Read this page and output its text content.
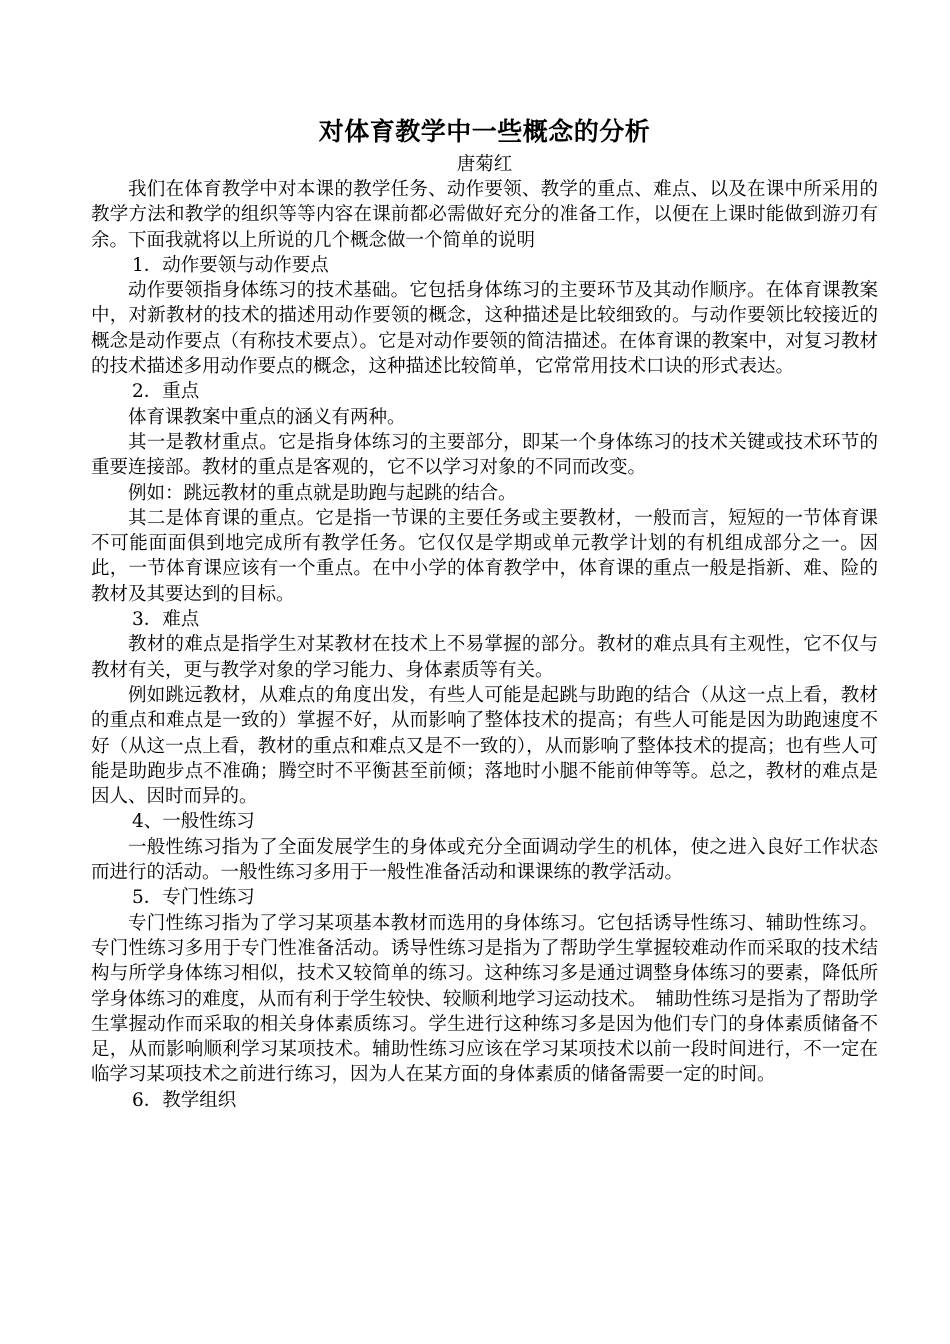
对体育教学中一些概念的分析

唐菊红

我们在体育教学中对本课的教学任务、动作要领、教学的重点、难点、以及在课中所采用的教学方法和教学的组织等等内容在课前都必需做好充分的准备工作，以便在上课时能做到游刃有余。下面我就将以上所说的几个概念做一个简单的说明

1．动作要领与动作要点

动作要领指身体练习的技术基础。它包括身体练习的主要环节及其动作顺序。在体育课教案中，对新教材的技术的描述用动作要领的概念，这种描述是比较细致的。与动作要领比较接近的概念是动作要点（有称技术要点）。它是对动作要领的简洁描述。在体育课的教案中，对复习教材的技术描述多用动作要点的概念，这种描述比较简单，它常常用技术口诀的形式表达。

2．重点

体育课教案中重点的涵义有两种。

其一是教材重点。它是指身体练习的主要部分，即某一个身体练习的技术关键或技术环节的重要连接部。教材的重点是客观的，它不以学习对象的不同而改变。

例如：跳远教材的重点就是助跑与起跳的结合。

其二是体育课的重点。它是指一节课的主要任务或主要教材，一般而言，短短的一节体育课不可能面面俱到地完成所有教学任务。它仅仅是学期或单元教学计划的有机组成部分之一。因此，一节体育课应该有一个重点。在中小学的体育教学中，体育课的重点一般是指新、难、险的教材及其要达到的目标。

3．难点

教材的难点是指学生对某教材在技术上不易掌握的部分。教材的难点具有主观性，它不仅与教材有关，更与教学对象的学习能力、身体素质等有关。

例如跳远教材，从难点的角度出发，有些人可能是起跳与助跑的结合（从这一点上看，教材的重点和难点是一致的）掌握不好，从而影响了整体技术的提高；有些人可能是因为助跑速度不好（从这一点上看，教材的重点和难点又是不一致的），从而影响了整体技术的提高；也有些人可能是助跑步点不准确；腾空时不平衡甚至前倾；落地时小腿不能前伸等等。总之，教材的难点是因人、因时而异的。

4、一般性练习

一般性练习指为了全面发展学生的身体或充分全面调动学生的机体，使之进入良好工作状态而进行的活动。一般性练习多用于一般性准备活动和课课练的教学活动。

5．专门性练习

专门性练习指为了学习某项基本教材而选用的身体练习。它包括诱导性练习、辅助性练习。专门性练习多用于专门性准备活动。诱导性练习是指为了帮助学生掌握较难动作而采取的技术结构与所学身体练习相似，技术又较简单的练习。这种练习多是通过调整身体练习的要素，降低所学身体练习的难度，从而有利于学生较快、较顺利地学习运动技术。　辅助性练习是指为了帮助学生掌握动作而采取的相关身体素质练习。学生进行这种练习多是因为他们专门的身体素质储备不足，从而影响顺利学习某项技术。辅助性练习应该在学习某项技术以前一段时间进行，不一定在临学习某项技术之前进行练习，因为人在某方面的身体素质的储备需要一定的时间。

6．教学组织
